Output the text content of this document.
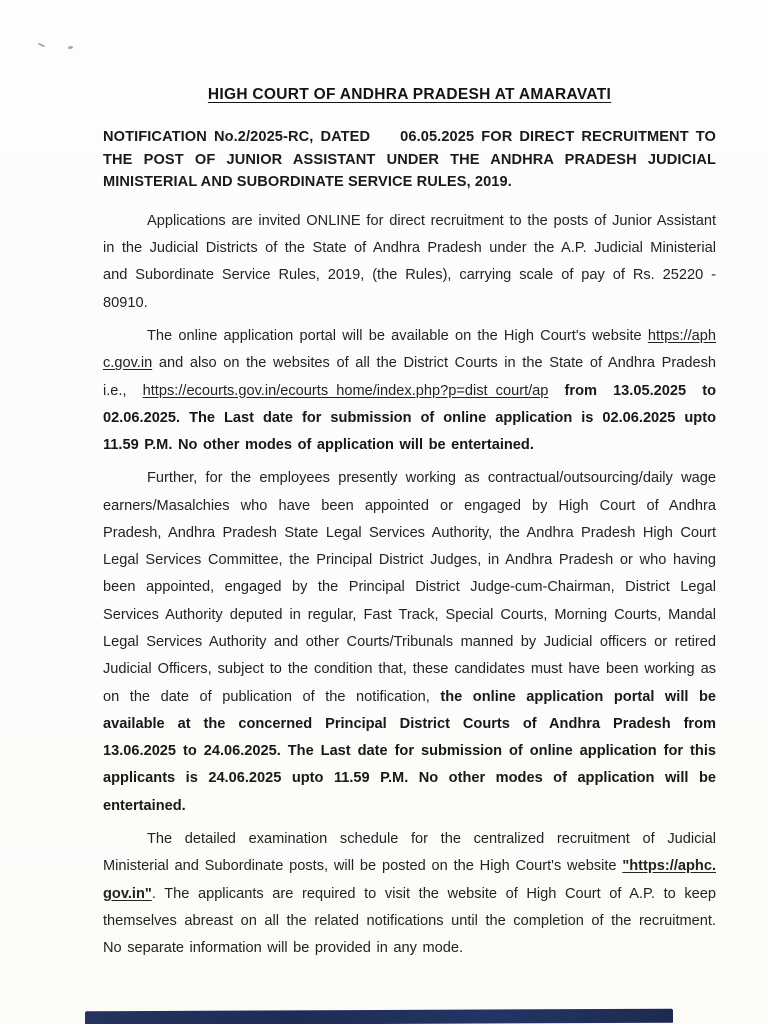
HIGH COURT OF ANDHRA PRADESH AT AMARAVATI

NOTIFICATION No.2/2025-RC, DATED 06.05.2025 FOR DIRECT RECRUITMENT TO THE POST OF JUNIOR ASSISTANT UNDER THE ANDHRA PRADESH JUDICIAL MINISTERIAL AND SUBORDINATE SERVICE RULES, 2019.

Applications are invited ONLINE for direct recruitment to the posts of Junior Assistant in the Judicial Districts of the State of Andhra Pradesh under the A.P. Judicial Ministerial and Subordinate Service Rules, 2019, (the Rules), carrying scale of pay of Rs. 25220 - 80910.

The online application portal will be available on the High Court's website https://aphc.gov.in and also on the websites of all the District Courts in the State of Andhra Pradesh i.e., https://ecourts.gov.in/ecourts_home/index.php?p=dist_court/ap from 13.05.2025 to 02.06.2025. The Last date for submission of online application is 02.06.2025 upto 11.59 P.M. No other modes of application will be entertained.

Further, for the employees presently working as contractual/outsourcing/daily wage earners/Masalchies who have been appointed or engaged by High Court of Andhra Pradesh, Andhra Pradesh State Legal Services Authority, the Andhra Pradesh High Court Legal Services Committee, the Principal District Judges, in Andhra Pradesh or who having been appointed, engaged by the Principal District Judge-cum-Chairman, District Legal Services Authority deputed in regular, Fast Track, Special Courts, Morning Courts, Mandal Legal Services Authority and other Courts/Tribunals manned by Judicial officers or retired Judicial Officers, subject to the condition that, these candidates must have been working as on the date of publication of the notification, the online application portal will be available at the concerned Principal District Courts of Andhra Pradesh from 13.06.2025 to 24.06.2025. The Last date for submission of online application for this applicants is 24.06.2025 upto 11.59 P.M. No other modes of application will be entertained.

The detailed examination schedule for the centralized recruitment of Judicial Ministerial and Subordinate posts, will be posted on the High Court's website "https://aphc.gov.in". The applicants are required to visit the website of High Court of A.P. to keep themselves abreast on all the related notifications until the completion of the recruitment. No separate information will be provided in any mode.
